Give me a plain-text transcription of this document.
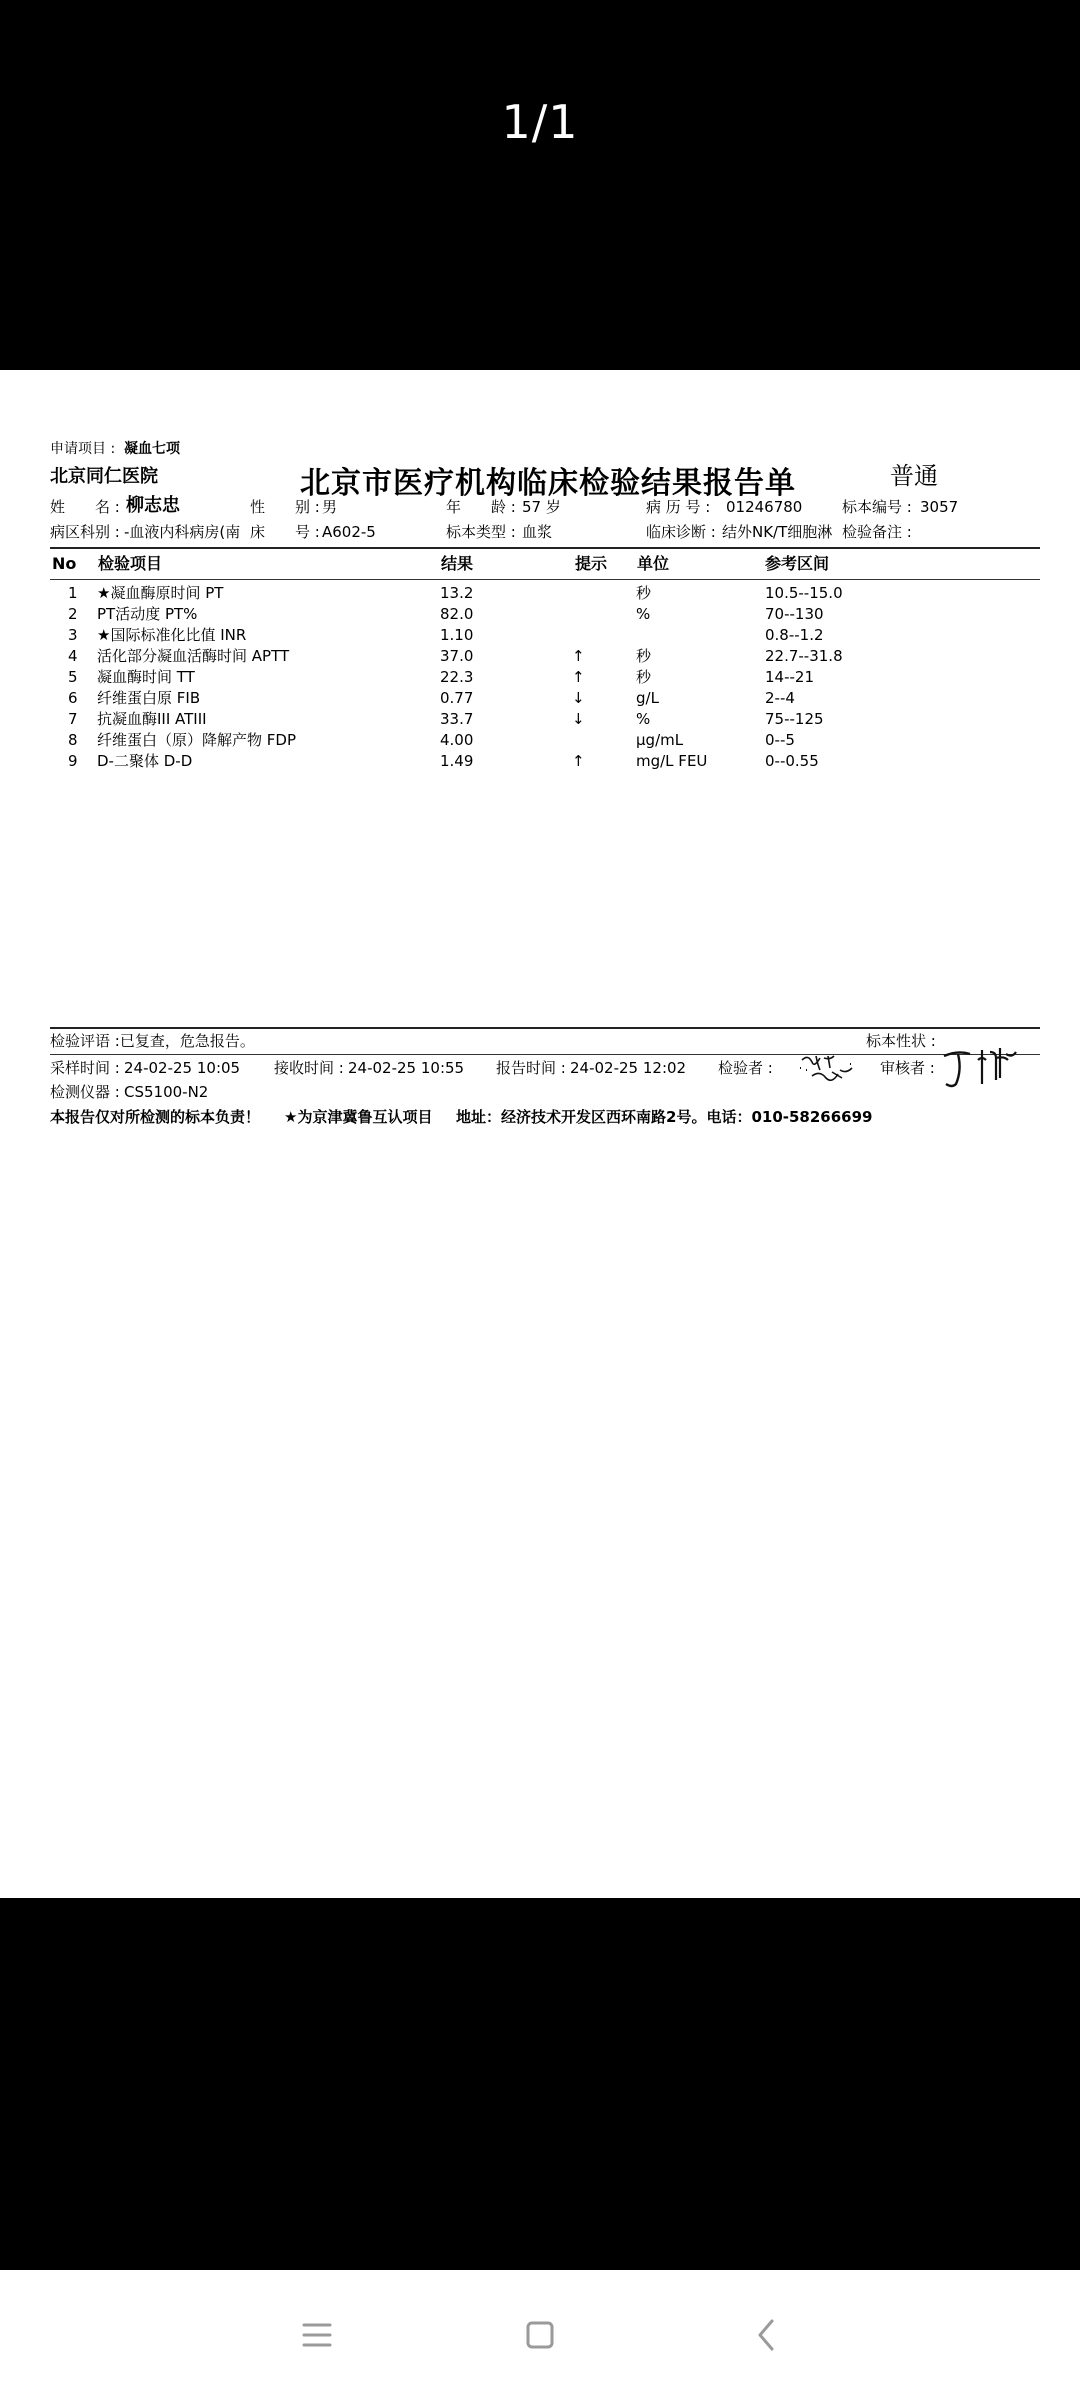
1/1
申请项目 : 凝血七项
北京同仁医院	北京市医疗机构临床检验结果报告单	普通
姓　　名 : 柳志忠	性　　别 : 男	年　　龄 : 57 岁	病 历 号 : 01246780	标本编号 : 3057
病区科别 : -血液内科病房(南 床　　号 : A602-5	标本类型 : 血浆	临床诊断 : 结外NK/T细胞淋 检验备注 :
No 检验项目	结果	提示 单位	参考区间
1 ★凝血酶原时间 PT	13.2	秒	10.5--15.0
2 PT活动度 PT%	82.0	%	70--130
3 ★国际标准化比值 INR	1.10	0.8--1.2
4 活化部分凝血活酶时间 APTT	37.0	↑	秒	22.7--31.8
5 凝血酶时间 TT	22.3	↑	秒	14--21
6 纤维蛋白原 FIB	0.77	↓	g/L	2--4
7 抗凝血酶III ATIII	33.7	↓	%	75--125
8 纤维蛋白（原）降解产物 FDP	4.00	μg/mL	0--5
9 D-二聚体 D-D	1.49	↑	mg/L FEU	0--0.55
检验评语 :已复查，危急报告。	标本性状 :
采样时间 : 24-02-25 10:05 接收时间 : 24-02-25 10:55 报告时间 : 24-02-25 12:02 检验者 :	审核者 :
检测仪器 : CS5100-N2
本报告仅对所检测的标本负责！ ★为京津冀鲁互认项目 地址：经济技术开发区西环南路2号。电话：010-58266699
